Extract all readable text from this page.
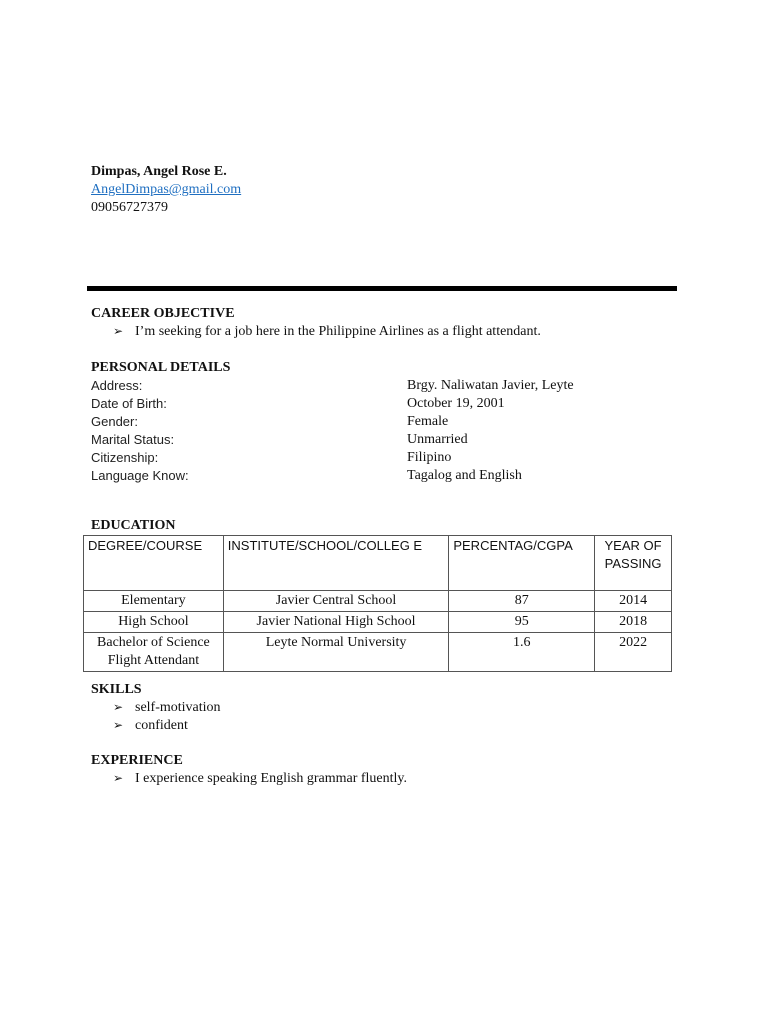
Dimpas, Angel Rose E.
AngelDimpas@gmail.com
09056727379
CAREER OBJECTIVE
➢ I’m seeking for a job here in the Philippine Airlines as a flight attendant.
PERSONAL DETAILS
Address:	Brgy. Naliwatan Javier, Leyte
Date of Birth:	October 19, 2001
Gender:	Female
Marital Status:	Unmarried
Citizenship:	Filipino
Language Know:	Tagalog and English
EDUCATION
DEGREE/COURSE	INSTITUTE/SCHOOL/COLLEG E	PERCENTAG/CGPA	YEAR OF PASSING
Elementary	Javier Central School	87	2014
High School	Javier National High School	95	2018
Bachelor of Science Flight Attendant	Leyte Normal University	1.6	2022
SKILLS
➢ self-motivation
➢ confident
EXPERIENCE
➢ I experience speaking English grammar fluently.
